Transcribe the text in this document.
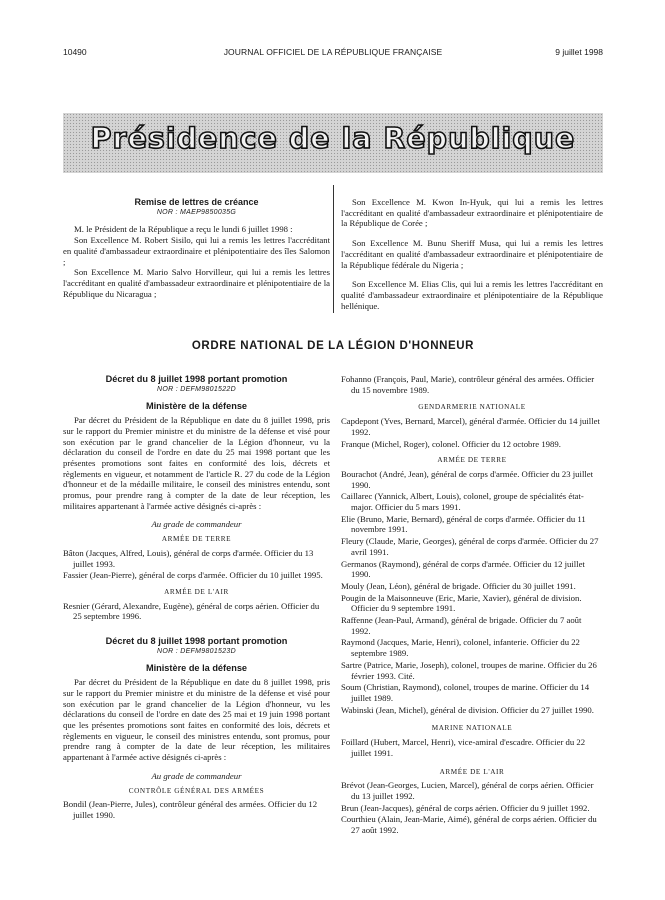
10490	JOURNAL OFFICIEL DE LA RÉPUBLIQUE FRANÇAISE	9 juillet 1998
Présidence de la République

Remise de lettres de créance

NOR : MAEP9850035G

M. le Président de la République a reçu le lundi 6 juillet 1998 :

Son Excellence M. Robert Sisilo, qui lui a remis les lettres l'accréditant en qualité d'ambassadeur extraordinaire et plénipotentiaire des îles Salomon ;

Son Excellence M. Mario Salvo Horvilleur, qui lui a remis les lettres l'accréditant en qualité d'ambassadeur extraordinaire et plénipotentiaire de la République du Nicaragua ;

Son Excellence M. Kwon In-Hyuk, qui lui a remis les lettres l'accréditant en qualité d'ambassadeur extraordinaire et plénipotentiaire de la République de Corée ;

Son Excellence M. Bunu Sheriff Musa, qui lui a remis les lettres l'accréditant en qualité d'ambassadeur extraordinaire et plénipotentiaire de la République fédérale du Nigeria ;

Son Excellence M. Elias Clis, qui lui a remis les lettres l'accréditant en qualité d'ambassadeur extraordinaire et plénipotentiaire de la République hellénique.

ORDRE NATIONAL DE LA LÉGION D'HONNEUR

Décret du 8 juillet 1998 portant promotion

NOR : DEFM9801522D

Ministère de la défense

Par décret du Président de la République en date du 8 juillet 1998, pris sur le rapport du Premier ministre et du ministre de la défense et visé pour son exécution par le grand chancelier de la Légion d'honneur, vu la déclaration du conseil de l'ordre en date du 25 mai 1998 portant que les présentes promotions sont faites en conformité des lois, décrets et règlements en vigueur, et notamment de l'article R. 27 du code de la Légion d'honneur et de la médaille militaire, le conseil des ministres entendu, sont promus, pour prendre rang à compter de la date de leur réception, les militaires appartenant à l'armée active désignés ci-après :

Au grade de commandeur

ARMÉE DE TERRE

Bâton (Jacques, Alfred, Louis), général de corps d'armée. Officier du 13 juillet 1993.

Fassier (Jean-Pierre), général de corps d'armée. Officier du 10 juillet 1995.

ARMÉE DE L'AIR

Resnier (Gérard, Alexandre, Eugène), général de corps aérien. Officier du 25 septembre 1996.

Décret du 8 juillet 1998 portant promotion

NOR : DEFM9801523D

Ministère de la défense

Par décret du Président de la République en date du 8 juillet 1998, pris sur le rapport du Premier ministre et du ministre de la défense et visé pour son exécution par le grand chancelier de la Légion d'honneur, vu les déclarations du conseil de l'ordre en date des 25 mai et 19 juin 1998 portant que les présentes promotions sont faites en conformité des lois, décrets et règlements en vigueur, le conseil des ministres entendu, sont promus, pour prendre rang à compter de la date de leur réception, les militaires appartenant à l'armée active désignés ci-après :

Au grade de commandeur

CONTRÔLE GÉNÉRAL DES ARMÉES

Bondil (Jean-Pierre, Jules), contrôleur général des armées. Officier du 12 juillet 1990.

Fohanno (François, Paul, Marie), contrôleur général des armées. Officier du 15 novembre 1989.

GENDARMERIE NATIONALE

Capdepont (Yves, Bernard, Marcel), général d'armée. Officier du 14 juillet 1992.

Franque (Michel, Roger), colonel. Officier du 12 octobre 1989.

ARMÉE DE TERRE

Bourachot (André, Jean), général de corps d'armée. Officier du 23 juillet 1990.

Caillarec (Yannick, Albert, Louis), colonel, groupe de spécialités état-major. Officier du 5 mars 1991.

Elie (Bruno, Marie, Bernard), général de corps d'armée. Officier du 11 novembre 1991.

Fleury (Claude, Marie, Georges), général de corps d'armée. Officier du 27 avril 1991.

Germanos (Raymond), général de corps d'armée. Officier du 12 juillet 1990.

Mouly (Jean, Léon), général de brigade. Officier du 30 juillet 1991.

Pougin de la Maisonneuve (Eric, Marie, Xavier), général de division. Officier du 9 septembre 1991.

Raffenne (Jean-Paul, Armand), général de brigade. Officier du 7 août 1992.

Raymond (Jacques, Marie, Henri), colonel, infanterie. Officier du 22 septembre 1989.

Sartre (Patrice, Marie, Joseph), colonel, troupes de marine. Officier du 26 février 1993. Cité.

Soum (Christian, Raymond), colonel, troupes de marine. Officier du 14 juillet 1989.

Wabinski (Jean, Michel), général de division. Officier du 27 juillet 1990.

MARINE NATIONALE

Foillard (Hubert, Marcel, Henri), vice-amiral d'escadre. Officier du 22 juillet 1991.

ARMÉE DE L'AIR

Brévot (Jean-Georges, Lucien, Marcel), général de corps aérien. Officier du 13 juillet 1992.

Brun (Jean-Jacques), général de corps aérien. Officier du 9 juillet 1992.

Courthieu (Alain, Jean-Marie, Aimé), général de corps aérien. Officier du 27 août 1992.
